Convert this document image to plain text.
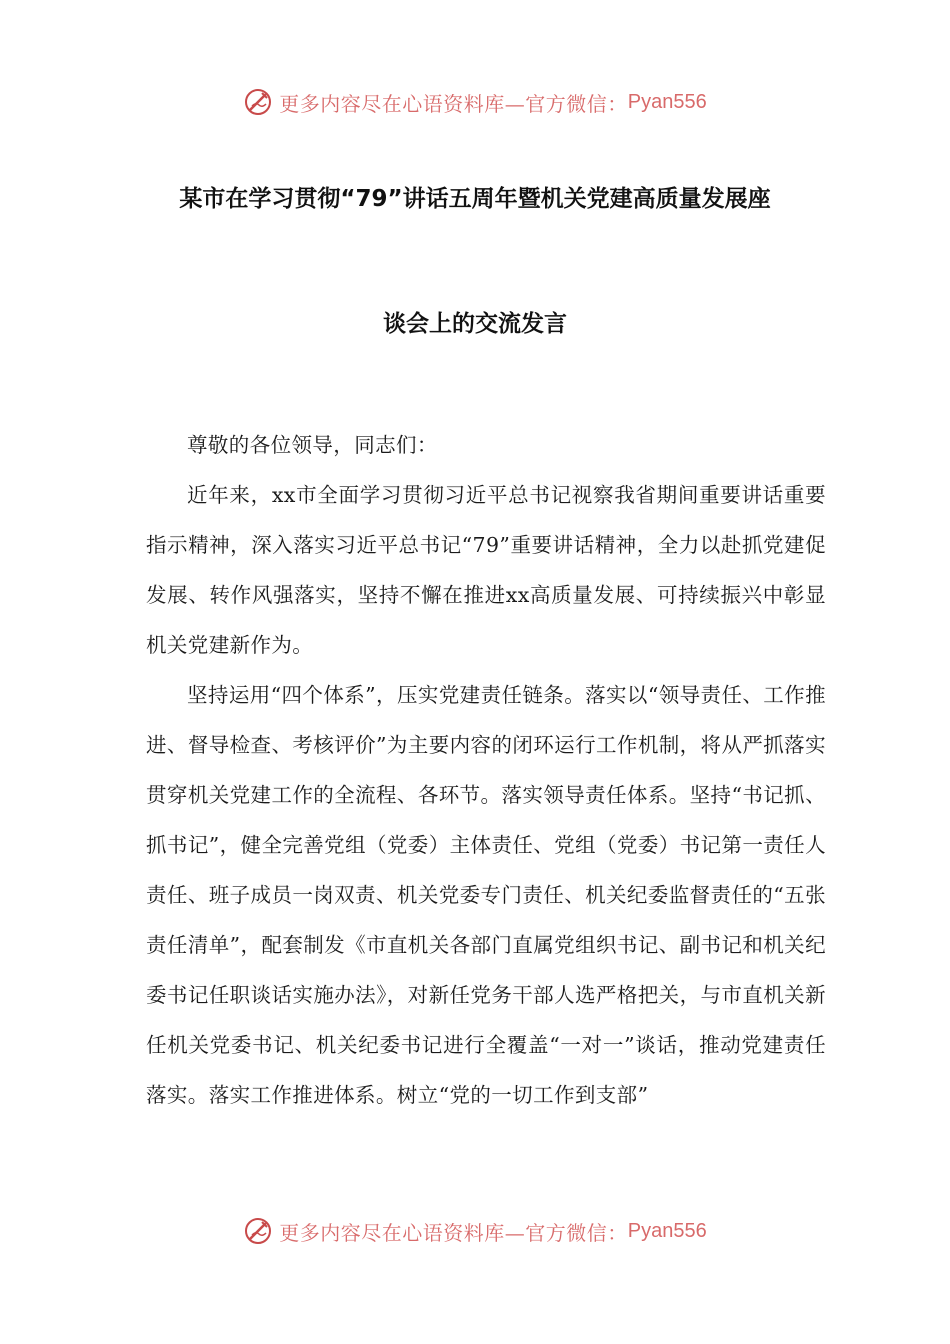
更多内容尽在心语资料库—官方微信： Pyan556
某市在学习贯彻“79”讲话五周年暨机关党建高质量发展座
谈会上的交流发言

尊敬的各位领导，同志们：

近年来，xx市全面学习贯彻习近平总书记视察我省期间重要讲话重要指示精神，深入落实习近平总书记“79”重要讲话精神，全力以赴抓党建促发展、转作风强落实，坚持不懈在推进xx高质量发展、可持续振兴中彰显机关党建新作为。

坚持运用“四个体系”，压实党建责任链条。落实以“领导责任、工作推进、督导检查、考核评价”为主要内容的闭环运行工作机制，将从严抓落实贯穿机关党建工作的全流程、各环节。落实领导责任体系。坚持“书记抓、抓书记”，健全完善党组（党委）主体责任、党组（党委）书记第一责任人责任、班子成员一岗双责、机关党委专门责任、机关纪委监督责任的“五张责任清单”，配套制发《市直机关各部门直属党组织书记、副书记和机关纪委书记任职谈话实施办法》，对新任党务干部人选严格把关，与市直机关新任机关党委书记、机关纪委书记进行全覆盖“一对一”谈话，推动党建责任落实。落实工作推进体系。树立“党的一切工作到支部”

更多内容尽在心语资料库—官方微信： Pyan556
